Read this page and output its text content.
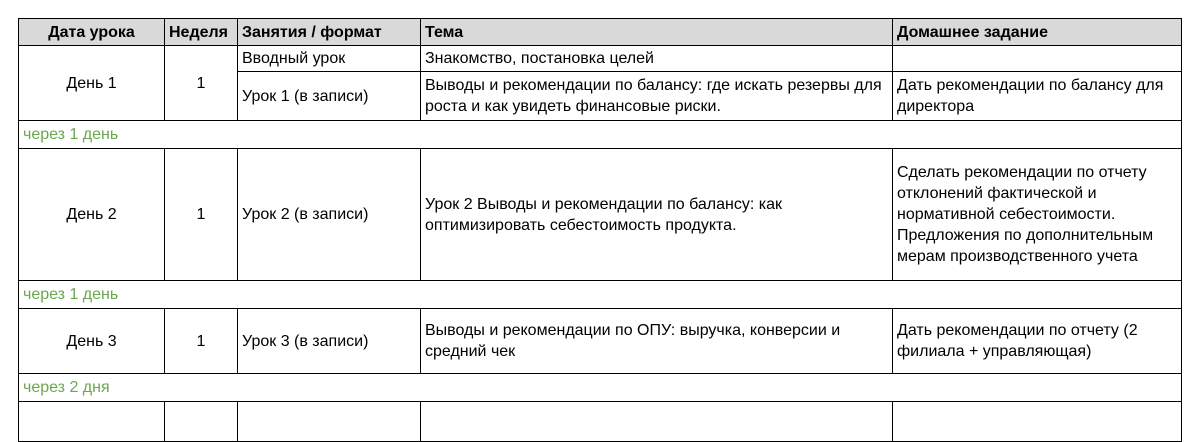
Дата урока	Неделя	Занятия / формат	Тема	Домашнее задание
День 1	1	Вводный урок	Знакомство, постановка целей	
		Урок 1 (в записи)	Выводы и рекомендации по балансу: где искать резервы для роста и как увидеть финансовые риски.	Дать рекомендации по балансу для директора
через 1 день				
День 2	1	Урок 2 (в записи)	Урок 2 Выводы и рекомендации по балансу: как оптимизировать себестоимость продукта.	Сделать рекомендации по отчету отклонений фактической и нормативной себестоимости. Предложения по дополнительным мерам производственного учета
через 1 день				
День 3	1	Урок 3 (в записи)	Выводы и рекомендации по ОПУ: выручка, конверсии и средний чек	Дать рекомендации по отчету (2 филиала + управляющая)
через 2 дня				
